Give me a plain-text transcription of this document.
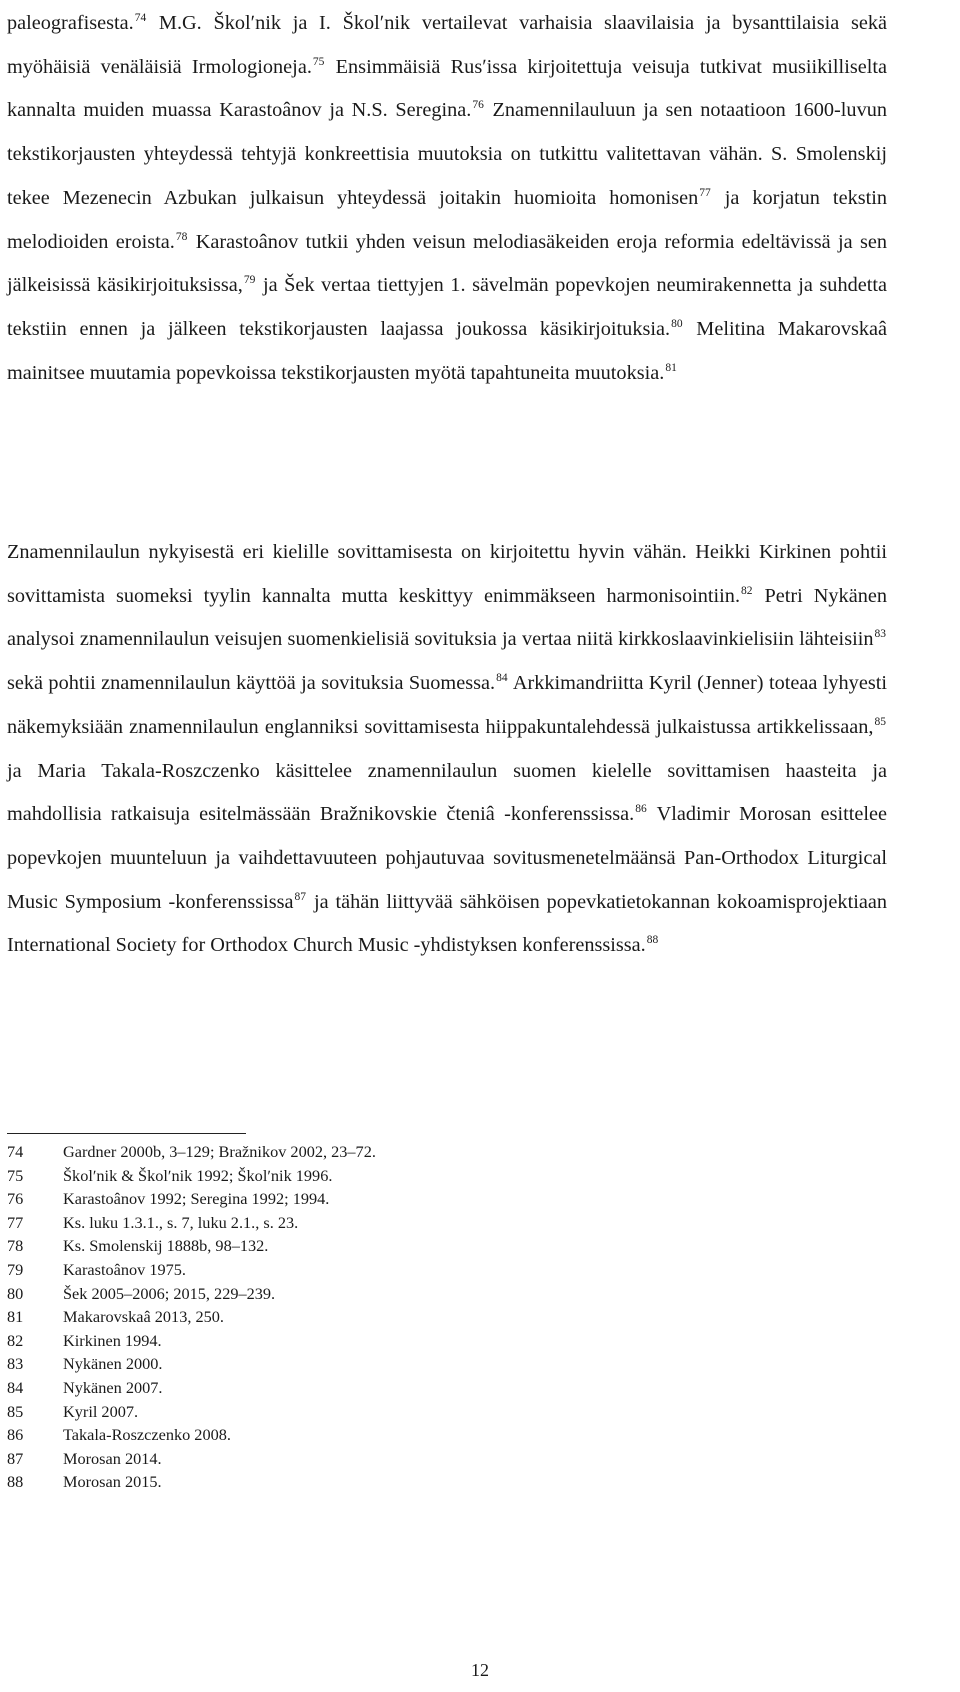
paleografisesta.$^{74}$ M.G. Školʹnik ja I. Školʹnik vertailevat varhaisia slaavilaisia ja bysanttilaisia sekä myöhäisiä venäläisiä Irmologioneja.$^{75}$ Ensimmäisiä Rusʹissa kirjoitettuja veisuja tutkivat musiikilliselta kannalta muiden muassa Karastoânov ja N.S. Seregina.$^{76}$ Znamennilauluun ja sen notaatioon 1600-luvun tekstikorjausten yhteydessä tehtyjä konkreettisia muutoksia on tutkittu valitettavan vähän. S. Smolenskij tekee Mezenecin Azbukan julkaisun yhteydessä joitakin huomioita homonisen$^{77}$ ja korjatun tekstin melodioiden eroista.$^{78}$ Karastoânov tutkii yhden veisun melodiasäkeiden eroja reformia edeltävissä ja sen jälkeisissä käsikirjoituksissa,$^{79}$ ja Šek vertaa tiettyjen 1. sävelmän popevkojen neumirakennetta ja suhdetta tekstiin ennen ja jälkeen tekstikorjausten laajassa joukossa käsikirjoituksia.$^{80}$ Melitina Makarovskaâ mainitsee muutamia popevkoissa tekstikorjausten myötä tapahtuneita muutoksia.$^{81}$
Znamennilaulun nykyisestä eri kielille sovittamisesta on kirjoitettu hyvin vähän. Heikki Kirkinen pohtii sovittamista suomeksi tyylin kannalta mutta keskittyy enimmäkseen harmonisointiin.$^{82}$ Petri Nykänen analysoi znamennilaulun veisujen suomenkielisiä sovituksia ja vertaa niitä kirkkoslaavinkielisiin lähteisiin$^{83}$ sekä pohtii znamennilaulun käyttöä ja sovituksia Suomessa.$^{84}$ Arkkimandriitta Kyril (Jenner) toteaa lyhyesti näkemyksiään znamennilaulun englanniksi sovittamisesta hiippakuntalehdessä julkaistussa artikkelissaan,$^{85}$ ja Maria Takala-Roszczenko käsittelee znamennilaulun suomen kielelle sovittamisen haasteita ja mahdollisia ratkaisuja esitelmässään Bražnikovskie čteniâ -konferenssissa.$^{86}$ Vladimir Morosan esittelee popevkojen muunteluun ja vaihdettavuuteen pohjautuvaa sovitusmenetelmäänsä Pan-Orthodox Liturgical Music Symposium -konferenssissa$^{87}$ ja tähän liittyvää sähköisen popevkatietokannan kokoamisprojektiaan International Society for Orthodox Church Music -yhdistyksen konferenssissa.$^{88}$
74 Gardner 2000b, 3–129; Bražnikov 2002, 23–72.
75 Školʹnik & Školʹnik 1992; Školʹnik 1996.
76 Karastoânov 1992; Seregina 1992; 1994.
77 Ks. luku 1.3.1., s. 7, luku 2.1., s. 23.
78 Ks. Smolenskij 1888b, 98–132.
79 Karastoânov 1975.
80 Šek 2005–2006; 2015, 229–239.
81 Makarovskaâ 2013, 250.
82 Kirkinen 1994.
83 Nykänen 2000.
84 Nykänen 2007.
85 Kyril 2007.
86 Takala-Roszczenko 2008.
87 Morosan 2014.
88 Morosan 2015.
12
